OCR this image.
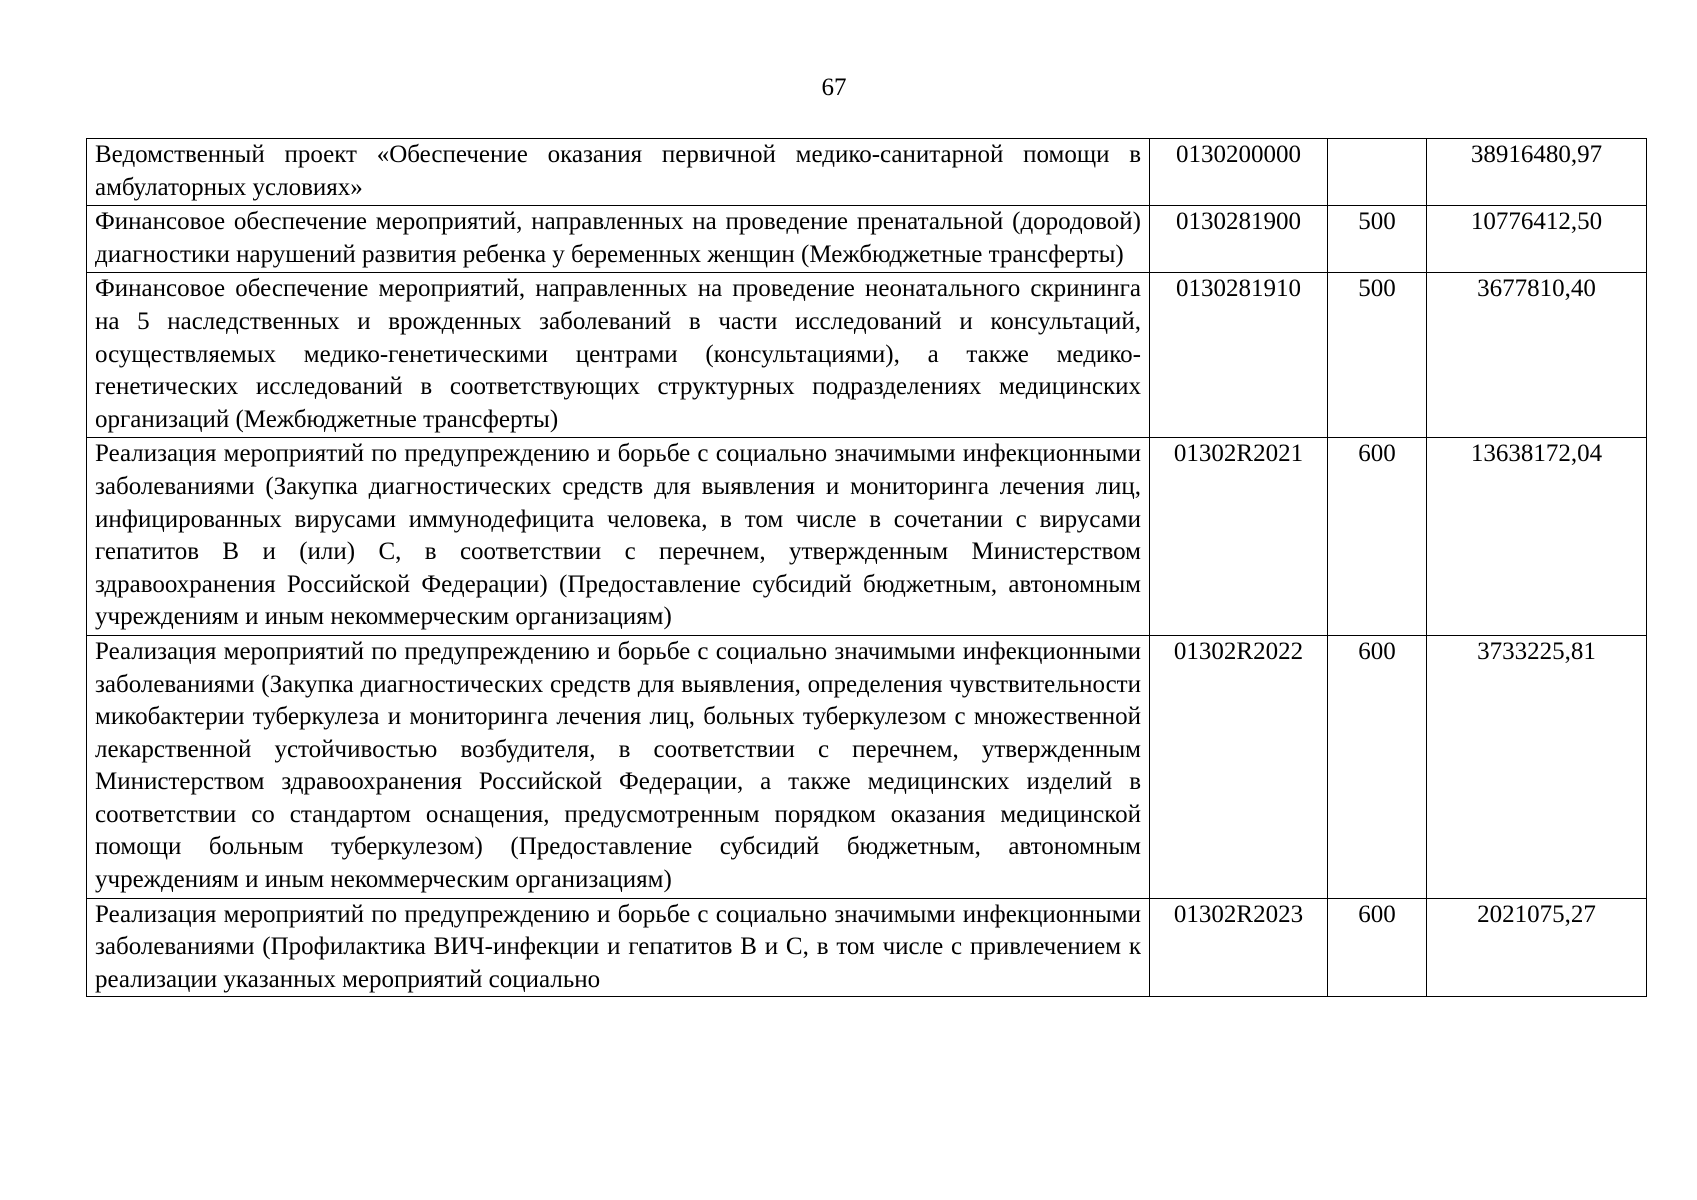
67
Ведомственный проект «Обеспечение оказания первичной медико-санитарной помощи в амбулаторных условиях»	0130200000		38916480,97
Финансовое обеспечение мероприятий, направленных на проведение пренатальной (дородовой) диагностики нарушений развития ребенка у беременных женщин (Межбюджетные трансферты)	0130281900	500	10776412,50
Финансовое обеспечение мероприятий, направленных на проведение неонатального скрининга на 5 наследственных и врожденных заболеваний в части исследований и консультаций, осуществляемых медико-генетическими центрами (консультациями), а также медико-генетических исследований в соответствующих структурных подразделениях медицинских организаций (Межбюджетные трансферты)	0130281910	500	3677810,40
Реализация мероприятий по предупреждению и борьбе с социально значимыми инфекционными заболеваниями (Закупка диагностических средств для выявления и мониторинга лечения лиц, инфицированных вирусами иммунодефицита человека, в том числе в сочетании с вирусами гепатитов B и (или) C, в соответствии с перечнем, утвержденным Министерством здравоохранения Российской Федерации) (Предоставление субсидий бюджетным, автономным учреждениям и иным некоммерческим организациям)	01302R2021	600	13638172,04
Реализация мероприятий по предупреждению и борьбе с социально значимыми инфекционными заболеваниями (Закупка диагностических средств для выявления, определения чувствительности микобактерии туберкулеза и мониторинга лечения лиц, больных туберкулезом с множественной лекарственной устойчивостью возбудителя, в соответствии с перечнем, утвержденным Министерством здравоохранения Российской Федерации, а также медицинских изделий в соответствии со стандартом оснащения, предусмотренным порядком оказания медицинской помощи больным туберкулезом) (Предоставление субсидий бюджетным, автономным учреждениям и иным некоммерческим организациям)	01302R2022	600	3733225,81

Реализация мероприятий по предупреждению и борьбе с социально значимыми инфекционными заболеваниями (Профилактика ВИЧ-инфекции и гепатитов B и C, в том числе с привлечением к реализации указанных мероприятий социально	01302R2023	600	2021075,27
